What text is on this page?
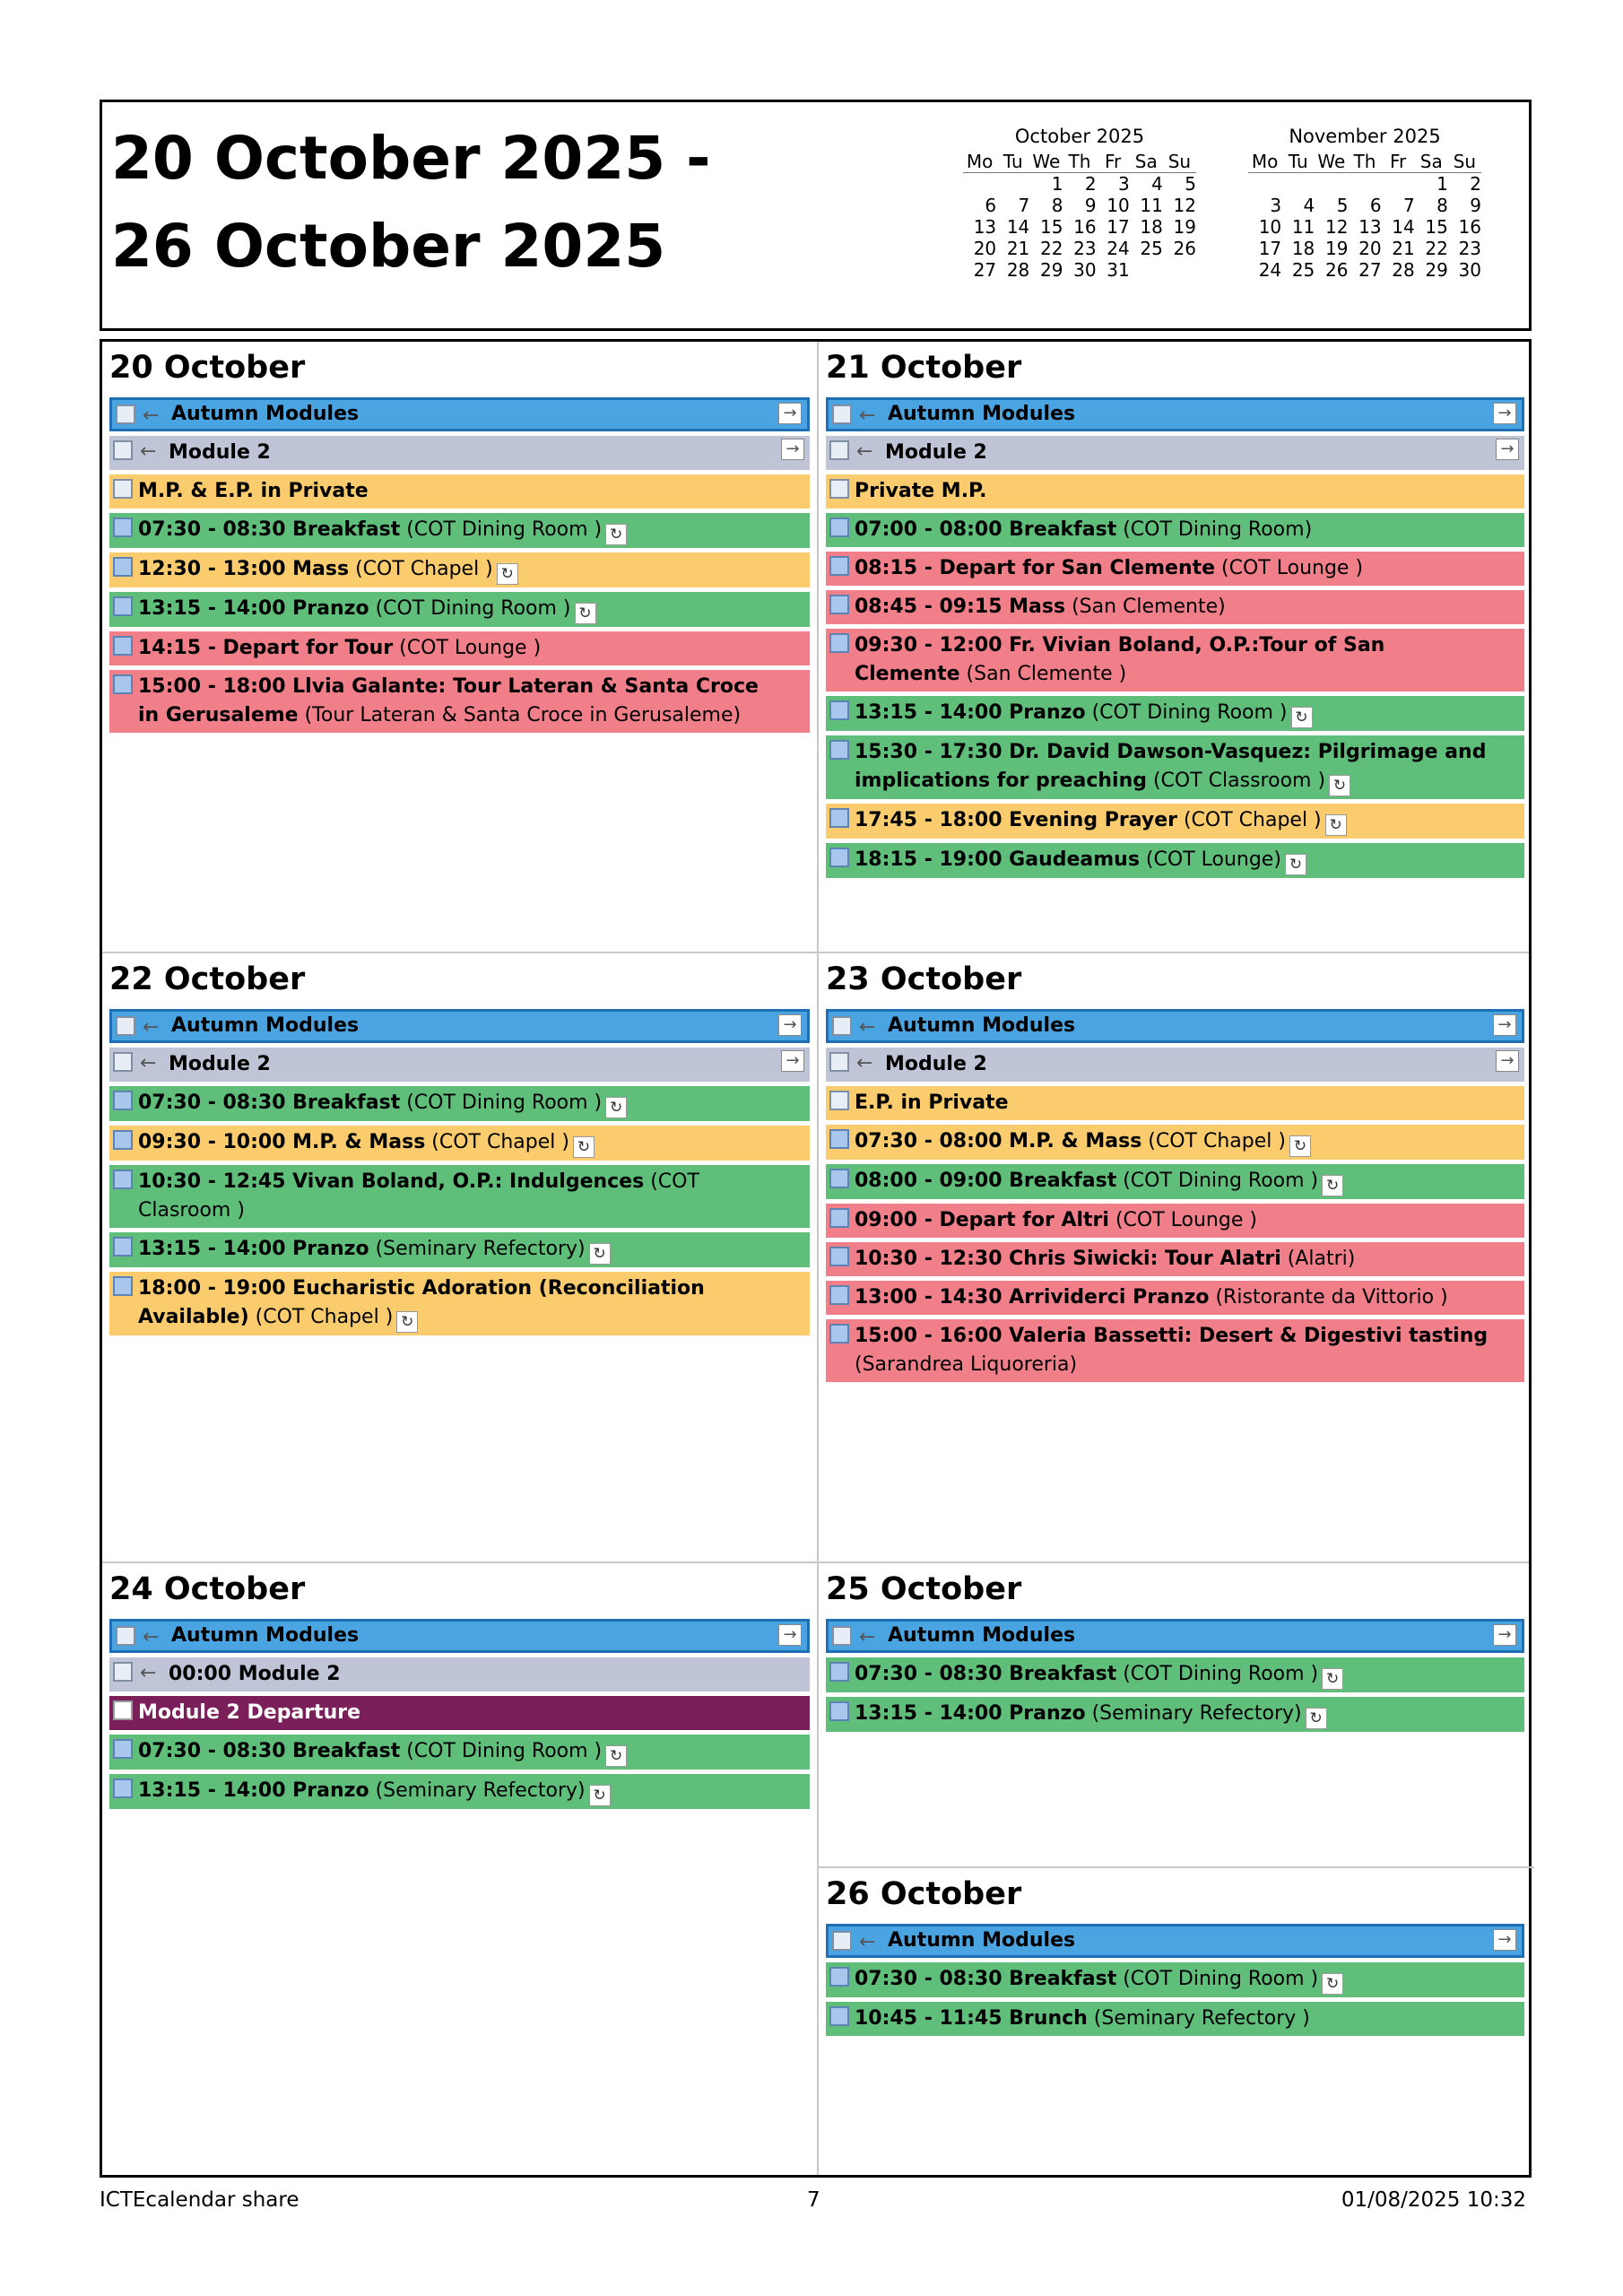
20 October 2025 -
26 October 2025
October 2025
Mo	Tu	We	Th	Fr	Sa	Su
		1	2	3	4	5
6	7	8	9	10	11	12
13	14	15	16	17	18	19
20	21	22	23	24	25	26
27	28	29	30	31		
November 2025
Mo	Tu	We	Th	Fr	Sa	Su
					1	2
3	4	5	6	7	8	9
10	11	12	13	14	15	16
17	18	19	20	21	22	23
24	25	26	27	28	29	30
20 October
← Autumn Modules	→
← Module 2	→
M.P. & E.P. in Private
07:30 - 08:30 Breakfast (COT Dining Room ) ↻
12:30 - 13:00 Mass (COT Chapel ) ↻
13:15 - 14:00 Pranzo (COT Dining Room ) ↻
14:15 - Depart for Tour (COT Lounge )
15:00 - 18:00 Llvia Galante: Tour Lateran & Santa Croce in Gerusaleme (Tour Lateran & Santa Croce in Gerusaleme)
21 October
← Autumn Modules	→
← Module 2	→
Private M.P.
07:00 - 08:00 Breakfast (COT Dining Room)
08:15 - Depart for San Clemente (COT Lounge )
08:45 - 09:15 Mass (San Clemente)
09:30 - 12:00 Fr. Vivian Boland, O.P.:Tour of San Clemente (San Clemente )
13:15 - 14:00 Pranzo (COT Dining Room ) ↻
15:30 - 17:30 Dr. David Dawson-Vasquez: Pilgrimage and implications for preaching (COT Classroom ) ↻
17:45 - 18:00 Evening Prayer (COT Chapel ) ↻
18:15 - 19:00 Gaudeamus (COT Lounge) ↻
22 October
← Autumn Modules	→
← Module 2	→
07:30 - 08:30 Breakfast (COT Dining Room ) ↻
09:30 - 10:00 M.P. & Mass (COT Chapel ) ↻
10:30 - 12:45 Vivan Boland, O.P.: Indulgences (COT Clasroom )
13:15 - 14:00 Pranzo (Seminary Refectory) ↻
18:00 - 19:00 Eucharistic Adoration (Reconciliation Available) (COT Chapel ) ↻
23 October
← Autumn Modules	→
← Module 2	→
E.P. in Private
07:30 - 08:00 M.P. & Mass (COT Chapel ) ↻
08:00 - 09:00 Breakfast (COT Dining Room ) ↻
09:00 - Depart for Altri (COT Lounge )
10:30 - 12:30 Chris Siwicki: Tour Alatri (Alatri)
13:00 - 14:30 Arrividerci Pranzo (Ristorante da Vittorio )
15:00 - 16:00 Valeria Bassetti: Desert & Digestivi tasting (Sarandrea Liquoreria)
24 October
← Autumn Modules	→
← 00:00 Module 2
Module 2 Departure
07:30 - 08:30 Breakfast (COT Dining Room ) ↻
13:15 - 14:00 Pranzo (Seminary Refectory) ↻
25 October
← Autumn Modules	→
07:30 - 08:30 Breakfast (COT Dining Room ) ↻
13:15 - 14:00 Pranzo (Seminary Refectory) ↻
26 October
← Autumn Modules	→
07:30 - 08:30 Breakfast (COT Dining Room ) ↻
10:45 - 11:45 Brunch (Seminary Refectory )
ICTEcalendar share	7	01/08/2025 10:32
